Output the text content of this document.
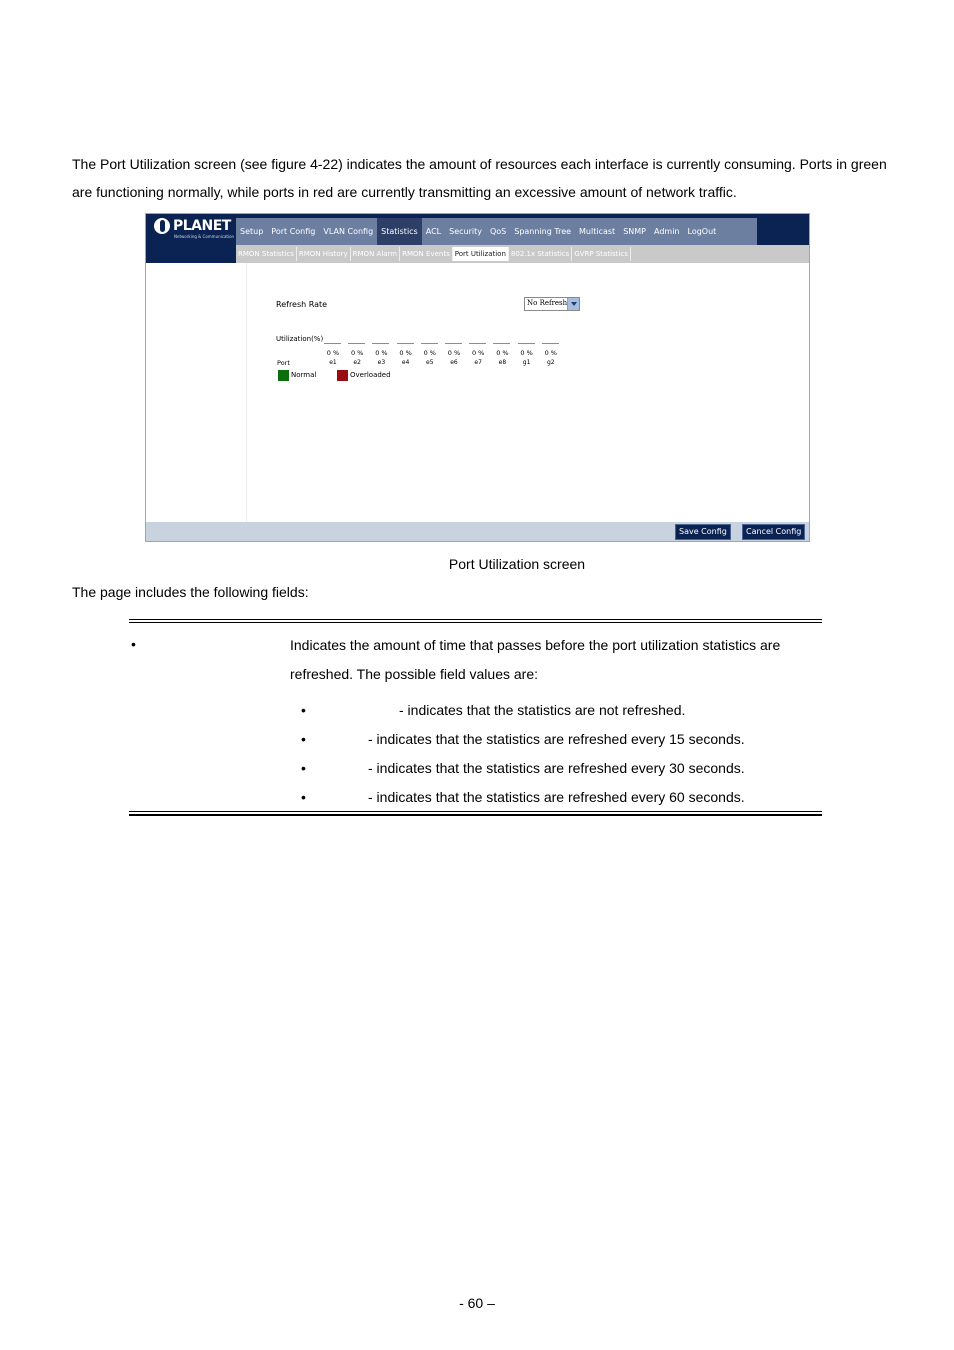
The Port Utilization screen (see figure 4-22) indicates the amount of resources each interface is currently consuming. Ports in green are functioning normally, while ports in red are currently transmitting an excessive amount of network traffic.

PLANET
Networking & Communication
Setup	Port Config	VLAN Config	Statistics	ACL	Security	QoS	Spanning Tree	Multicast	SNMP	Admin	LogOut
RMON Statistics RMON History RMON Alarm RMON Events Port Utilization 802.1x Statistics GVRP Statistics
Refresh Rate	No Refresh
Utilization(%)
Port
Normal	Overloaded
0 %
e1
0 %
e2
0 %
e3
0 %
e4
0 %
e5
0 %
e6
0 %
e7
0 %
e8
0 %
g1
0 %
g2
Save Config	Cancel Config
Port Utilization screen
The page includes the following fields:
•	Indicates the amount of time that passes before the port utilization statistics are refreshed. The possible field values are:

•	- indicates that the statistics are not refreshed.
•	- indicates that the statistics are refreshed every 15 seconds.
•	- indicates that the statistics are refreshed every 30 seconds.
•	- indicates that the statistics are refreshed every 60 seconds.
- 60 –
